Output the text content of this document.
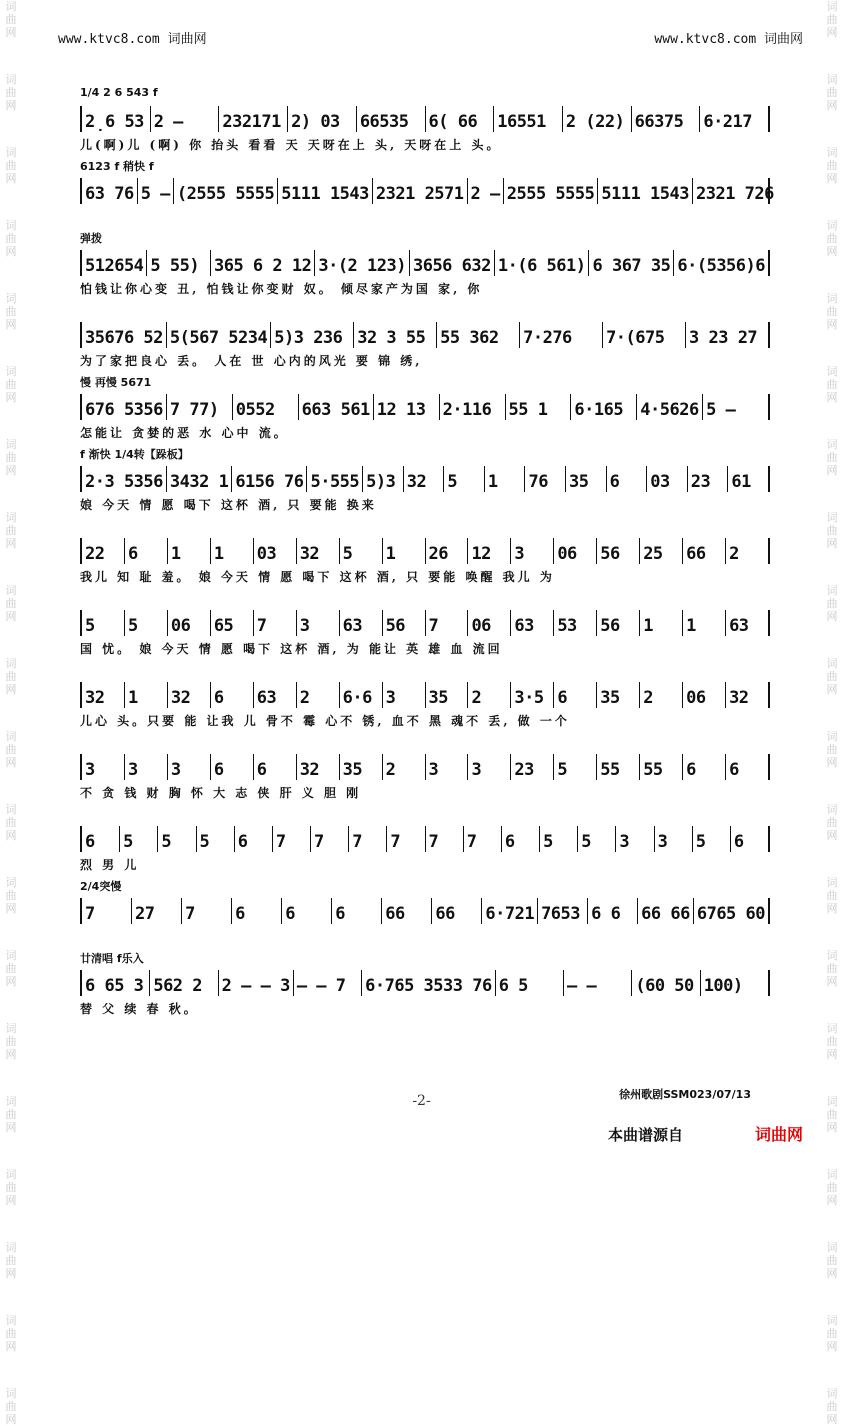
词曲网
词曲网
词曲网
词曲网
词曲网
词曲网
词曲网
词曲网
词曲网
词曲网
词曲网
词曲网
词曲网
词曲网
词曲网
词曲网
词曲网
词曲网
词曲网
词曲网
词曲网
词曲网
词曲网
词曲网
词曲网
词曲网
词曲网
词曲网
词曲网
词曲网
词曲网
词曲网
词曲网
词曲网
词曲网
词曲网
词曲网
词曲网
词曲网
词曲网
www.ktvc8.com 词曲网	www.ktvc8.com 词曲网
1/4 2 6 543 f
2̣6 53 2 –	232171 2) 03	66535	6( 66	16551	2 (22) 66375	6·217
儿(啊)儿 (啊) 你 抬头 看看 天 天呀在上 头, 天呀在上 头。
6123 f 稍快 f
63 76 5 – (2555 5555 5111 1543 2321 2571 2 – 2555 5555 5111 1543 2321 726
弹拨
512654 5 55) 365 6 2 12 3·(2 123) 3656 632 1·(6 561) 6 367 35 6·(5356)6
怕钱让你心变 丑, 怕钱让你变财 奴。 倾尽家产为国 家, 你
35676 52 5(567 5234 5)3 236 32 3 55 55 362	7·276	7·(675	3 23 27
为了家把良心 丢。 人在 世 心内的风光 要 锦 绣,
慢 再慢 5671
676 5356 7 77)	0552	663 561 12 13	2·116	55 1	6·165	4·5626 5 –
怎能让 贪婪的恶 水 心中 流。
f 渐快 1/4转【跺板】
2·3 5356 3432 1 6156 76 5·555 5)3 32	5	1	76	35	6	03	23	61
娘 今天 情 愿 喝下 这杯 酒, 只 要能 换来
22	6	1	1	03	32	5	1	26	12	3	06	56	25	66	2
我儿 知 耻 羞。 娘 今天 情 愿 喝下 这杯 酒, 只 要能 唤醒 我儿 为
5	5	06	65	7	3	63	56	7	06	63	53	56	1	1	63
国 忧。 娘 今天 情 愿 喝下 这杯 酒, 为 能让 英 雄 血 流回
32	1	32	6	63	2	6·6 3	35	2	3·5 6	35	2	06	32
儿心 头。只要 能 让我 儿 骨不 霉 心不 锈, 血不 黑 魂不 丢, 做 一个
3	3	3	6	6	32	35	2	3	3	23	5	55	55	6	6
不 贪 钱 财 胸 怀 大 志 侠 肝 义 胆 刚
6	5	5	5	6	7	7	7	7	7	7	6	5	5	3	3	5	6
烈 男 儿
2/4突慢
7	27	7	6	6	6	66	66	6·721 7653 6 6	66 66 6765 60
廿清唱 f乐入
6 65 3 562 2	2 – – 3 – – 7	6·765 3533 76 6 5	– –	(60 50 100)
替 父 续 春 秋。
-2-	徐州歌剧SSM023/07/13
本曲谱源自	词曲网
